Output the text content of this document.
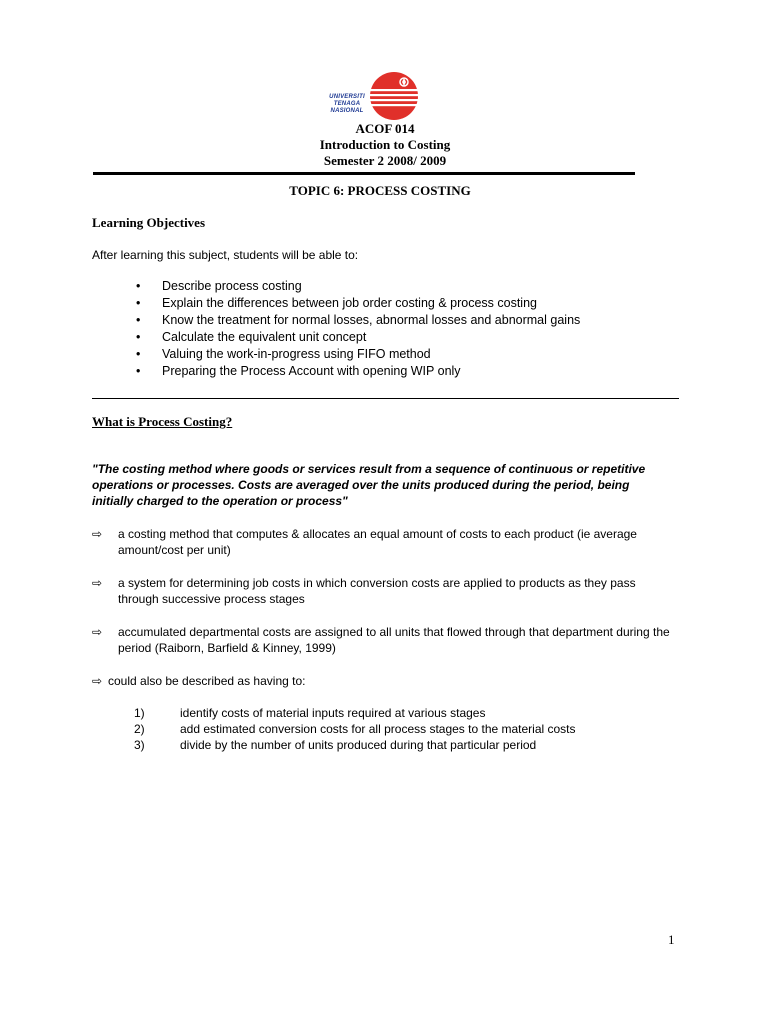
UNIVERSITI
TENAGA
NASIONAL
ACOF 014
Introduction to Costing
Semester 2 2008/ 2009
TOPIC 6: PROCESS COSTING
Learning Objectives
After learning this subject, students will be able to:
• Describe process costing
• Explain the differences between job order costing & process costing
• Know the treatment for normal losses, abnormal losses and abnormal gains
• Calculate the equivalent unit concept
• Valuing the work-in-progress using FIFO method
• Preparing the Process Account with opening WIP only
What is Process Costing?
"The costing method where goods or services result from a sequence of continuous or repetitive operations or processes. Costs are averaged over the units produced during the period, being initially charged to the operation or process"
⇨ a costing method that computes & allocates an equal amount of costs to each product (ie average amount/cost per unit)
⇨ a system for determining job costs in which conversion costs are applied to products as they pass through successive process stages
⇨ accumulated departmental costs are assigned to all units that flowed through that department during the period (Raiborn, Barfield & Kinney, 1999)
⇨ could also be described as having to:
1)	identify costs of material inputs required at various stages
2)	add estimated conversion costs for all process stages to the material costs
3)	divide by the number of units produced during that particular period
1
